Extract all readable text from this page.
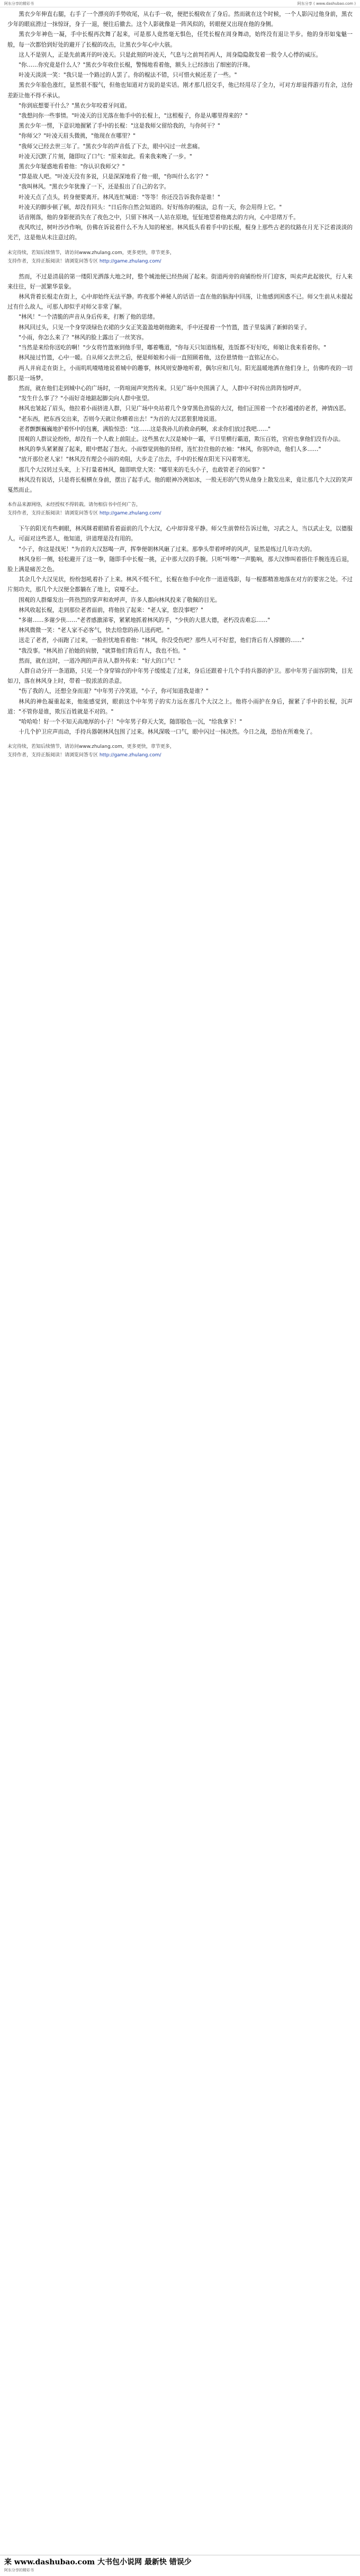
阿东分享的精彩书	阿东分享 ( www.dashubao.com )

黑衣少年伸直右腿，右手了一个漂亮的手势收尾，从右手一收，便把长棍收在了身后。然而就在这个时候，一个人影闪过他身前，黑衣少年的眼底滑过一抹惊讶，身子一退，便往后撤去。这个人影就像是一阵风似的，转眼便又出现在他的身侧。

黑衣少年神色一凝，手中长棍再次舞了起来，可是那人竟然毫无惧色，任凭长棍在周身舞动，始终没有退让半步。他的身形如鬼魅一般，每一次都恰到好处的避开了长棍的攻击，让黑衣少年心中大骇。

这人不是别人，正是先前离开的叶凌天。只是此刻的叶凌天，气息与之前判若两人，周身隐隐散发着一股令人心悸的威压。

"你……你究竟是什么人？"黑衣少年收住长棍，警惕地看着他，额头上已经渗出了细密的汗珠。

叶凌天淡淡一笑："我只是一个路过的人罢了。你的棍法不错，只可惜火候还差了一些。"

黑衣少年脸色涨红，显然很不服气，但他也知道对方说的是实话。刚才那几招交手，他已经用尽了全力，可对方却显得游刃有余，这份差距让他不得不承认。

"你到底想要干什么？"黑衣少年咬着牙问道。

"我想问你一些事情。"叶凌天的目光落在他手中的长棍上，"这根棍子，你是从哪里得来的？"

黑衣少年一愣，下意识地握紧了手中的长棍："这是我师父留给我的，与你何干？"

"你师父？"叶凌天眉头微挑，"他现在在哪里？"

"我师父已经去世三年了。"黑衣少年的声音低了下去，眼中闪过一丝悲痛。

叶凌天沉默了片刻，随即叹了口气："原来如此。看来我来晚了一步。"

黑衣少年疑惑地看着他："你认识我师父？"

"算是故人吧。"叶凌天没有多说，只是深深地看了他一眼，"你叫什么名字？"

"我叫林风。"黑衣少年犹豫了一下，还是报出了自己的名字。

叶凌天点了点头，转身便要离开。林风连忙喊道："等等！你还没告诉我你是谁！"

叶凌天的脚步顿了顿，却没有回头："日后你自然会知道的。好好练你的棍法，总有一天，你会用得上它。"

话音刚落，他的身影便消失在了夜色之中，只留下林风一人站在原地，怔怔地望着他离去的方向，心中思绪万千。

夜风吹过，树叶沙沙作响，仿佛在诉说着什么不为人知的秘密。林风低头看着手中的长棍，棍身上那些古老的纹路在月光下泛着淡淡的光芒，这是他从未注意过的。

未完待续，若知后续情节，请访问www.zhulang.com，更多更快，章节更多，
支持作者，支持正版阅读！请浏览问答专区 http://game.zhulang.com/

然而，不过是清晨的第一缕阳光洒落大地之时，整个城池便已经热闹了起来。街道两旁的商铺纷纷开门迎客，叫卖声此起彼伏，行人来来往往，好一派繁华景象。

林风背着长棍走在街上，心中却始终无法平静。昨夜那个神秘人的话语一直在他的脑海中回荡，让他感到困惑不已。师父生前从未提起过有什么故人，可那人却似乎对师父非常了解。

"林风！"一个清脆的声音从身后传来，打断了他的思绪。

林风回过头，只见一个身穿淡绿色衣裙的少女正笑盈盈地朝他跑来，手中还提着一个竹篮，篮子里装满了新鲜的果子。

"小雨，你怎么来了？"林风的脸上露出了一丝笑容。

"当然是来给你送吃的啊！"少女将竹篮塞到他手里，嘟着嘴道，"你每天只知道练棍，连饭都不好好吃，师娘让我来看着你。"

林风接过竹篮，心中一暖。自从师父去世之后，便是师娘和小雨一直照顾着他，这份恩情他一直铭记在心。

两人并肩走在街上，小雨叽叽喳喳地说着城中的趣事，林风则安静地听着，偶尔应和几句。阳光温暖地洒在他们身上，仿佛昨夜的一切都只是一场梦。

然而，就在他们走到城中心的广场时，一阵喧闹声突然传来。只见广场中央围满了人，人群中不时传出阵阵惊呼声。

"发生什么事了？"小雨好奇地踮起脚尖向人群中张望。

林风也皱起了眉头，他拉着小雨挤进人群，只见广场中央站着几个身穿黑色劲装的大汉，他们正围着一个衣衫褴褛的老者，神情凶恶。

"老东西，把东西交出来，否则今天就让你横着出去！"为首的大汉恶狠狠地说道。

老者颤颤巍巍地护着怀中的包裹，满脸惊恐："这……这是我孙儿的救命药啊，求求你们放过我吧……"

围观的人群议论纷纷，却没有一个人敢上前阻止。这些黑衣大汉是城中一霸，平日里横行霸道，欺压百姓，官府也拿他们没有办法。

林风的拳头紧紧握了起来，眼中燃起了怒火。小雨察觉到他的异样，连忙拉住他的衣袖："林风，你别冲动，他们人多……"

"放开那位老人家！"林风没有理会小雨的劝阻，大步走了出去，手中的长棍在阳光下闪着寒光。

那几个大汉转过头来，上下打量着林风，随即哄堂大笑："哪里来的毛头小子，也敢管老子的闲事？"

林风没有说话，只是将长棍横在身前，摆出了起手式。他的眼神冷冽如冰，一股无形的气势从他身上散发出来，竟让那几个大汉的笑声戛然而止。

本作品来源网络，未经授权不得转载。请勿相信书中任何广告，
支持作者，支持正版阅读！请浏览问答专区 http://game.zhulang.com/

下午的阳光有些刺眼，林风眯着眼睛看着面前的几个大汉，心中却异常平静。师父生前曾经告诉过他，习武之人，当以武止戈，以德服人。可面对这些恶人，他知道，讲道理是没有用的。

"小子，你这是找死！"为首的大汉怒喝一声，挥拳便朝林风砸了过来。那拳头带着呼呼的风声，显然是练过几年功夫的。

林风身形一侧，轻松避开了这一拳，随即手中长棍一挑，正中那大汉的手腕。只听"咔嚓"一声脆响，那大汉惨叫着捂住手腕连连后退，脸上满是痛苦之色。

其余几个大汉见状，纷纷怒吼着扑了上来。林风不慌不忙，长棍在他手中化作一道道残影，每一棍都精准地落在对方的要害之处。不过片刻功夫，那几个大汉便全都躺在了地上，哀嚎不止。

围观的人群爆发出一阵热烈的掌声和欢呼声，许多人都向林风投来了敬佩的目光。

林风收起长棍，走到那位老者面前，将他扶了起来："老人家，您没事吧？"

"多谢……多谢少侠……"老者感激涕零，紧紧地抓着林风的手，"少侠的大恩大德，老朽没齿难忘……"

林风微微一笑："老人家不必客气，快去给您的孙儿送药吧。"

送走了老者，小雨跑了过来，一脸担忧地看着他："林风，你没受伤吧？那些人可不好惹，他们背后有人撑腰的……"

"我没事。"林风拍了拍她的肩膀，"就算他们背后有人，我也不怕。"

然而，就在这时，一道冷冽的声音从人群外传来："好大的口气！"

人群自动分开一条道路，只见一个身穿锦衣的中年男子缓缓走了过来，身后还跟着十几个手持兵器的护卫。那中年男子面容阴鸷，目光如刀，落在林风身上时，带着一股浓浓的杀意。

"伤了我的人，还想全身而退？"中年男子冷笑道，"小子，你可知道我是谁？"

林风的神色凝重起来，他能感觉到，眼前这个中年男子的实力远在那几个大汉之上。他将小雨护在身后，握紧了手中的长棍，沉声道："不管你是谁，欺压百姓就是不对的。"

"哈哈哈！好一个不知天高地厚的小子！"中年男子仰天大笑，随即脸色一沉，"给我拿下！"

十几个护卫应声而动，手持兵器朝林风包围了过来。林风深吸一口气，眼中闪过一抹决然。今日之战，恐怕在所难免了。

未完待续，若知后续情节，请访问www.zhulang.com，更多更快，章节更多，
支持作者，支持正版阅读！请浏览问答专区 http://game.zhulang.com/
来 www.dashubao.com 大书包小说网 最新快 错误少
阿东分享的精彩书
